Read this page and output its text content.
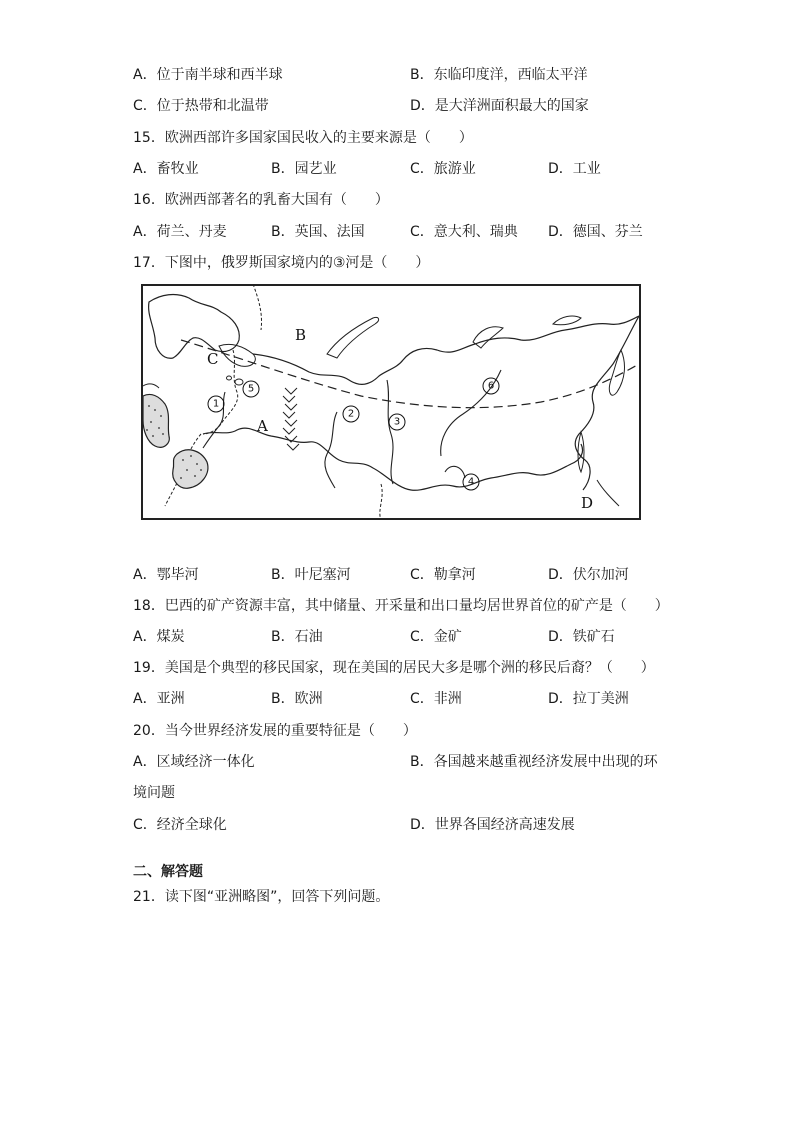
A．位于南半球和西半球	B．东临印度洋，西临太平洋
C．位于热带和北温带	D．是大洋洲面积最大的国家
15．欧洲西部许多国家国民收入的主要来源是（　　）
A．畜牧业	B．园艺业	C．旅游业	D．工业
16．欧洲西部著名的乳畜大国有（　　）
A．荷兰、丹麦	B．英国、法国	C．意大利、瑞典 D．德国、芬兰
17．下图中，俄罗斯国家境内的③河是（　　）
1
2
3
4
5	6
A
B
C
D
A．鄂毕河	B．叶尼塞河	C．勒拿河	D．伏尔加河
18．巴西的矿产资源丰富，其中储量、开采量和出口量均居世界首位的矿产是（　　）
A．煤炭	B．石油	C．金矿	D．铁矿石
19．美国是个典型的移民国家，现在美国的居民大多是哪个洲的移民后裔？（　　）
A．亚洲	B．欧洲	C．非洲	D．拉丁美洲
20．当今世界经济发展的重要特征是（　　）
A．区域经济一体化	B．各国越来越重视经济发展中出现的环
境问题
C．经济全球化	D．世界各国经济高速发展
二、解答题
21．读下图“亚洲略图”，回答下列问题。
